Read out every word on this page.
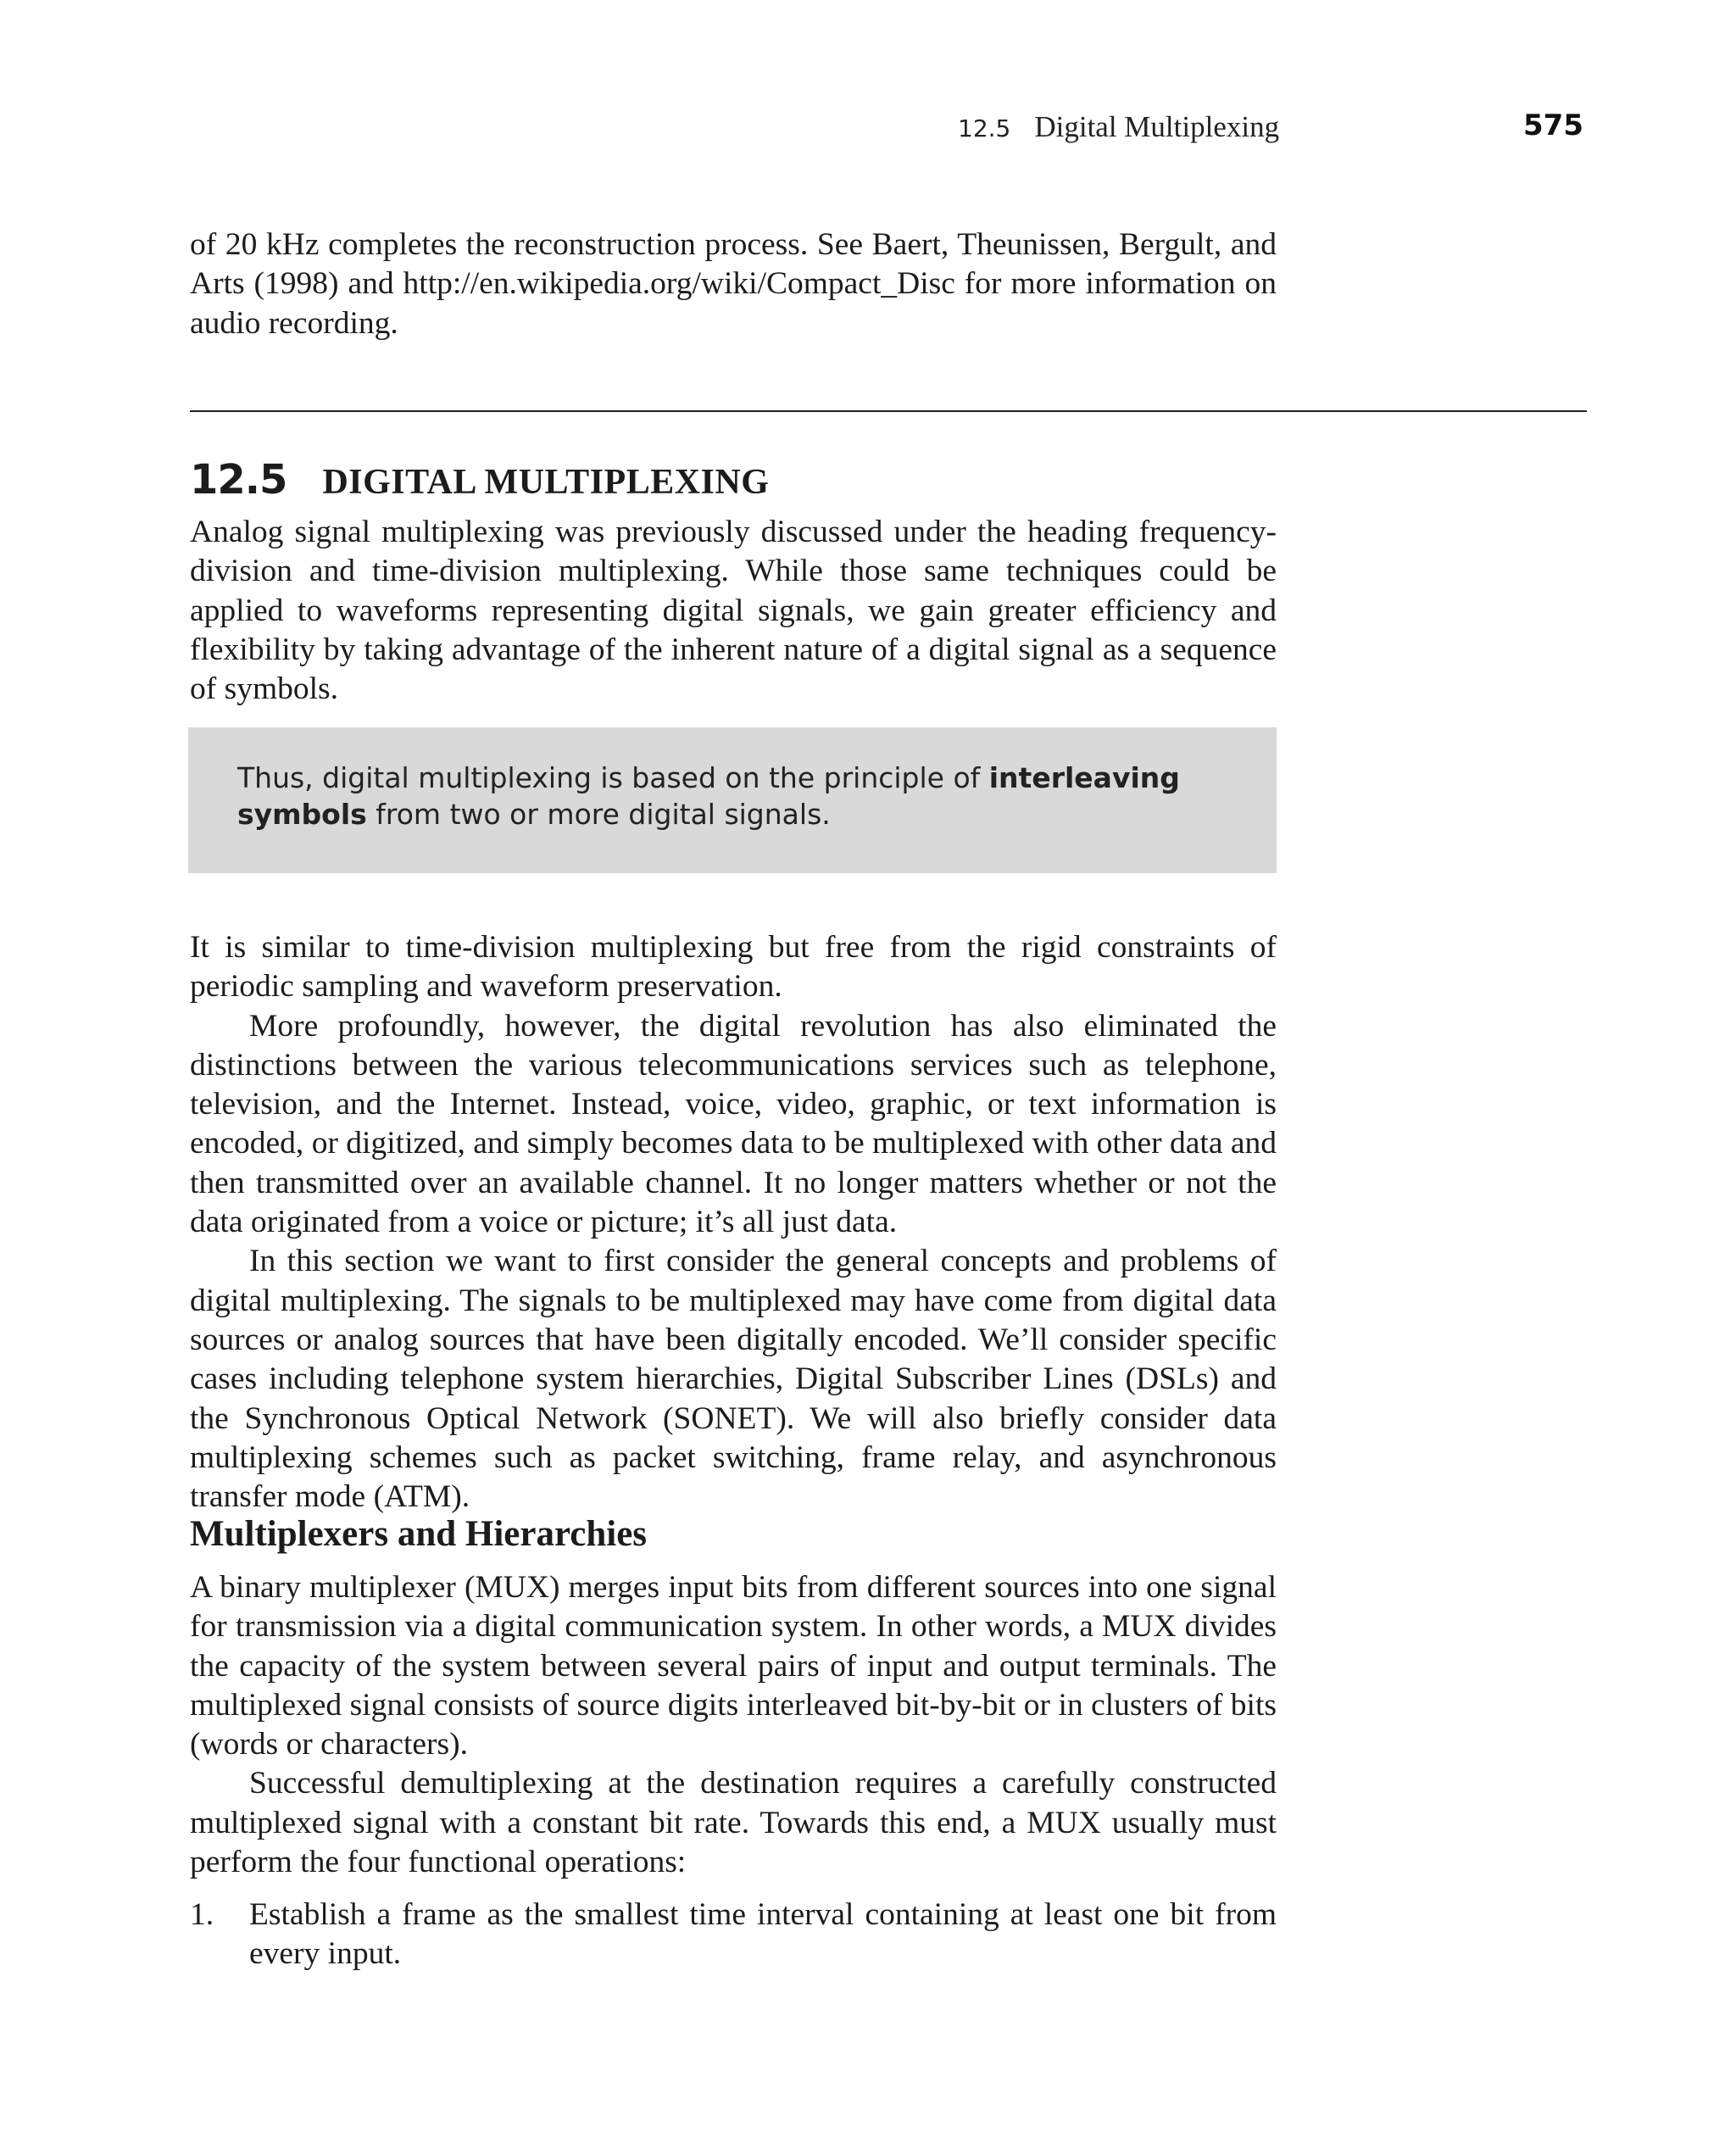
12.5 Digital Multiplexing	575

of 20 kHz completes the reconstruction process. See Baert, Theunissen, Bergult, and Arts (1998) and http://en.wikipedia.org/wiki/Compact_Disc for more information on audio recording.

12.5 DIGITAL MULTIPLEXING

Analog signal multiplexing was previously discussed under the heading frequency-division and time-division multiplexing. While those same techniques could be applied to waveforms representing digital signals, we gain greater efficiency and flexibility by taking advantage of the inherent nature of a digital signal as a sequence of symbols.

Thus, digital multiplexing is based on the principle of interleaving symbols from two or more digital signals.

It is similar to time-division multiplexing but free from the rigid constraints of periodic sampling and waveform preservation.

More profoundly, however, the digital revolution has also eliminated the distinctions between the various telecommunications services such as telephone, television, and the Internet. Instead, voice, video, graphic, or text information is encoded, or digitized, and simply becomes data to be multiplexed with other data and then transmitted over an available channel. It no longer matters whether or not the data originated from a voice or picture; it’s all just data.

In this section we want to first consider the general concepts and problems of digital multiplexing. The signals to be multiplexed may have come from digital data sources or analog sources that have been digitally encoded. We’ll consider specific cases including telephone system hierarchies, Digital Subscriber Lines (DSLs) and the Synchronous Optical Network (SONET). We will also briefly consider data multiplexing schemes such as packet switching, frame relay, and asynchronous transfer mode (ATM).

Multiplexers and Hierarchies

A binary multiplexer (MUX) merges input bits from different sources into one signal for transmission via a digital communication system. In other words, a MUX divides the capacity of the system between several pairs of input and output terminals. The multiplexed signal consists of source digits interleaved bit-by-bit or in clusters of bits (words or characters).

Successful demultiplexing at the destination requires a carefully constructed multiplexed signal with a constant bit rate. Towards this end, a MUX usually must perform the four functional operations:

1. Establish a frame as the smallest time interval containing at least one bit from every input.
